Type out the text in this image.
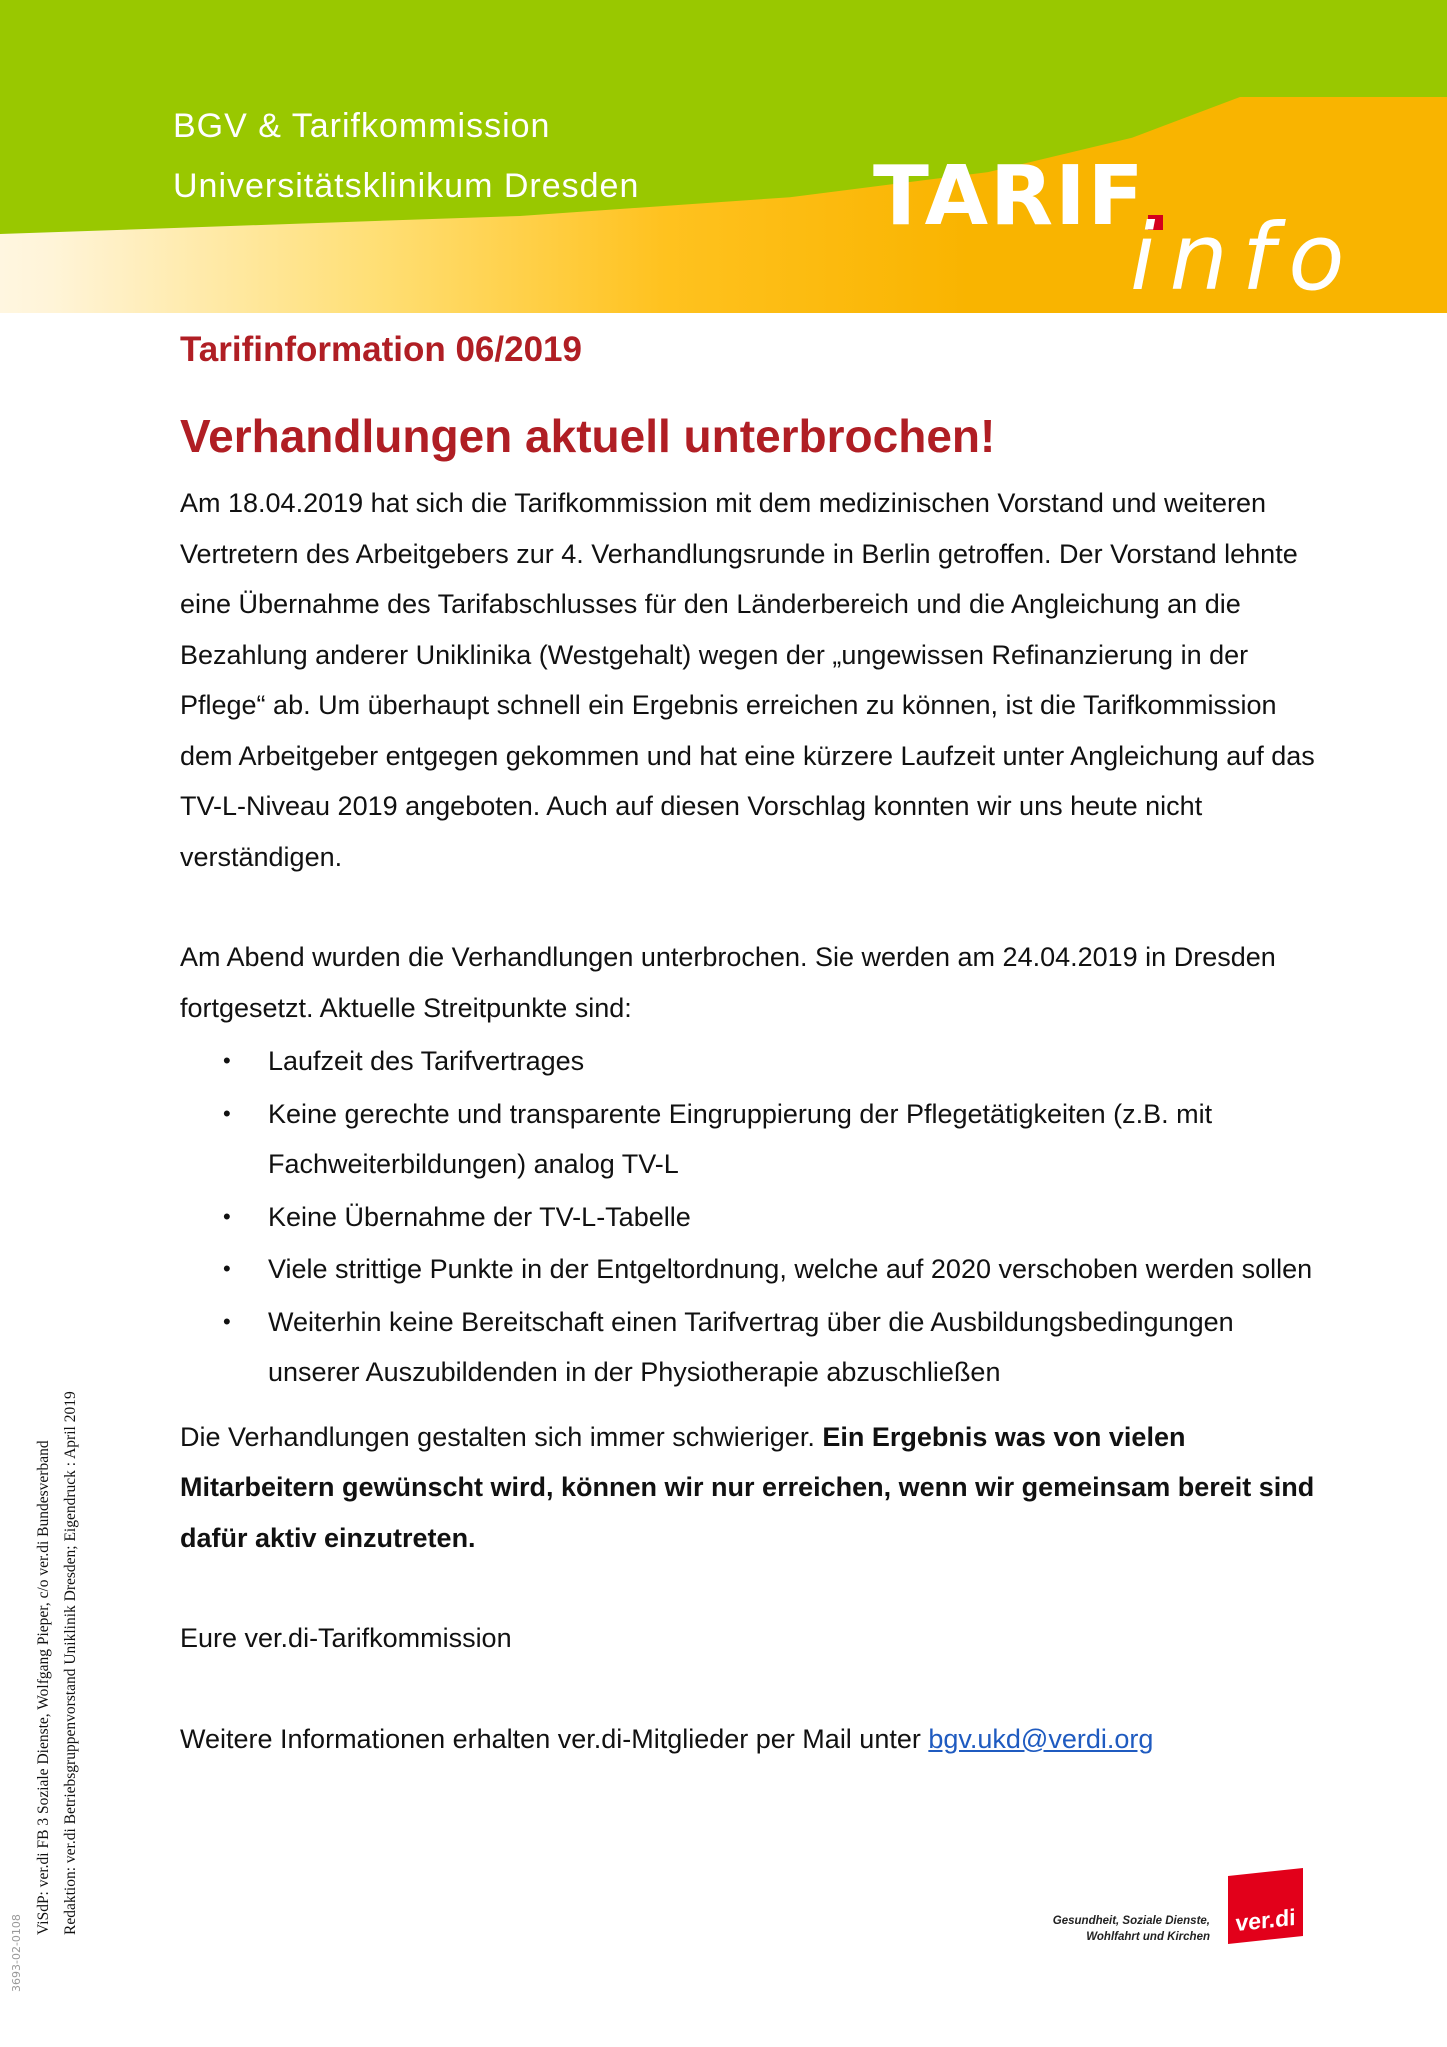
BGV & Tarifkommission
Universitätsklinikum Dresden	TARIF
info
Tarifinformation 06/2019
Verhandlungen aktuell unterbrochen!

Am 18.04.2019 hat sich die Tarifkommission mit dem medizinischen Vorstand und weiteren Vertretern des Arbeitgebers zur 4. Verhandlungsrunde in Berlin getroffen. Der Vorstand lehnte eine Übernahme des Tarifabschlusses für den Länderbereich und die Angleichung an die Bezahlung anderer Uniklinika (Westgehalt) wegen der „ungewissen Refinanzierung in der Pflege“ ab. Um überhaupt schnell ein Ergebnis erreichen zu können, ist die Tarifkommission dem Arbeitgeber entgegen gekommen und hat eine kürzere Laufzeit unter Angleichung auf das TV-L-Niveau 2019 angeboten. Auch auf diesen Vorschlag konnten wir uns heute nicht verständigen.

Am Abend wurden die Verhandlungen unterbrochen. Sie werden am 24.04.2019 in Dresden fortgesetzt. Aktuelle Streitpunkte sind:

• Laufzeit des Tarifvertrages
• Keine gerechte und transparente Eingruppierung der Pflegetätigkeiten (z.B. mit Fachweiterbildungen) analog TV-L
• Keine Übernahme der TV-L-Tabelle
• Viele strittige Punkte in der Entgeltordnung, welche auf 2020 verschoben werden sollen
• Weiterhin keine Bereitschaft einen Tarifvertrag über die Ausbildungsbedingungen unserer Auszubildenden in der Physiotherapie abzuschließen

Die Verhandlungen gestalten sich immer schwieriger. Ein Ergebnis was von vielen Mitarbeitern gewünscht wird, können wir nur erreichen, wenn wir gemeinsam bereit sind dafür aktiv einzutreten.

Eure ver.di-Tarifkommission

Weitere Informationen erhalten ver.di-Mitglieder per Mail unter bgv.ukd@verdi.org

ViSdP: ver.di FB 3 Soziale Dienste, Wolfgang Pieper, c/o ver.di Bundesverband Redaktion: ver.di Betriebsgruppenvorstand Uniklinik Dresden; Eigendruck : April 2019
3693-02-0108	Gesundheit, Soziale Dienste,
Wohlfahrt und Kirchen
ver.di
